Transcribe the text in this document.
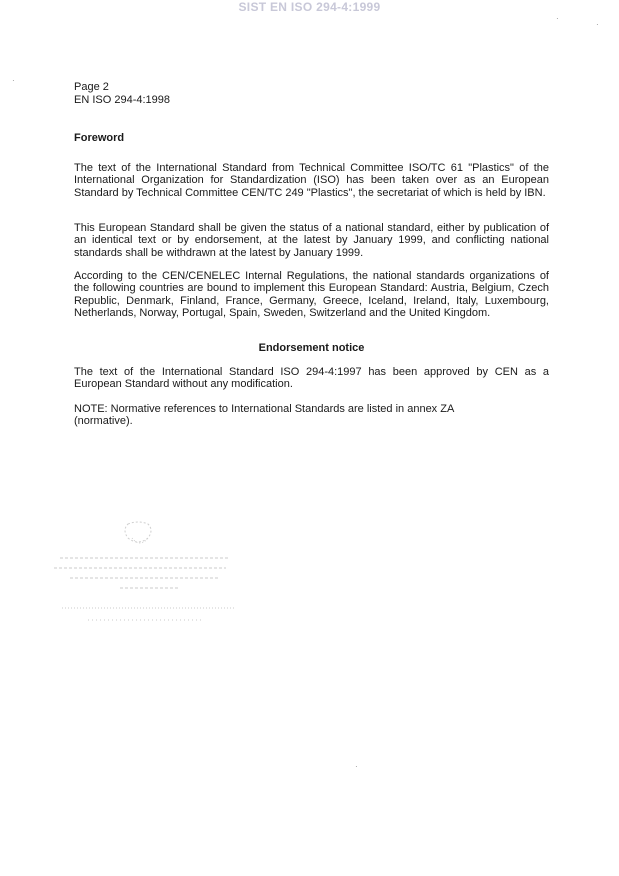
SIST EN ISO 294-4:1999
Page 2
EN ISO 294-4:1998
Foreword

The text of the International Standard from Technical Committee ISO/TC 61 "Plastics" of the International Organization for Standardization (ISO) has been taken over as an European Standard by Technical Committee CEN/TC 249 "Plastics", the secretariat of which is held by IBN.

This European Standard shall be given the status of a national standard, either by publication of an identical text or by endorsement, at the latest by January 1999, and conflicting national standards shall be withdrawn at the latest by January 1999.

According to the CEN/CENELEC Internal Regulations, the national standards organizations of the following countries are bound to implement this European Standard: Austria, Belgium, Czech Republic, Denmark, Finland, France, Germany, Greece, Iceland, Ireland, Italy, Luxembourg, Netherlands, Norway, Portugal, Spain, Sweden, Switzerland and the United Kingdom.

Endorsement notice

The text of the International Standard ISO 294-4:1997 has been approved by CEN as a European Standard without any modification.

NOTE: Normative references to International Standards are listed in annex ZA (normative).

·
·
·
·
